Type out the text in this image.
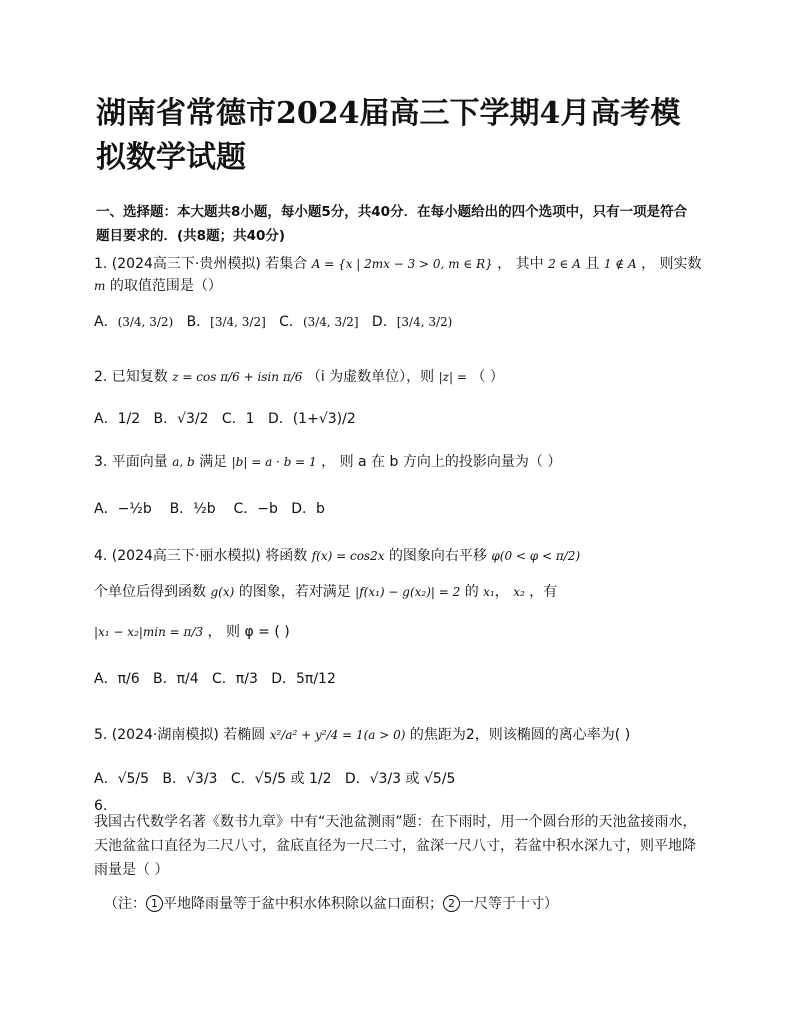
湖南省常德市2024届高三下学期4月高考模拟数学试题
一、选择题：本大题共8小题，每小题5分，共40分．在每小题给出的四个选项中，只有一项是符合题目要求的．(共8题；共40分)
1. (2024高三下·贵州模拟) 若集合 A = {x | 2mx − 3 > 0, m ∈ R} ， 其中 2 ∈ A 且 1 ∉ A ， 则实数
m 的取值范围是（）
A．(3/4, 3/2) B．[3/4, 3/2] C．(3/4, 3/2] D．[3/4, 3/2)
2. 已知复数 z = cos π/6 + isin π/6 （i 为虚数单位），则 |z| = （ ）
A．1/2 B．√3/2 C．1 D．(1+√3)/2
3. 平面向量 a, b 满足 |b| = a · b = 1 ， 则 a 在 b 方向上的投影向量为（ ）
A．−½b B．½b C．−b D．b
4. (2024高三下·丽水模拟) 将函数 f(x) = cos2x 的图象向右平移 φ(0 < φ < π/2)
个单位后得到函数 g(x) 的图象，若对满足 |f(x₁) − g(x₂)| = 2 的 x₁， x₂ ，有
|x₁ − x₂|min = π/3 ， 则 φ = ( )
A．π/6 B．π/4 C．π/3 D．5π/12
5. (2024·湖南模拟) 若椭圆 x²/a² + y²/4 = 1(a > 0) 的焦距为2，则该椭圆的离心率为( )
A．√5/5 B．√3/3 C．√5/5 或 1/2 D．√3/3 或 √5/5
6.
我国古代数学名著《数书九章》中有“天池盆测雨”题：在下雨时，用一个圆台形的天池盆接雨水，天池盆盆口直径为二尺八寸，盆底直径为一尺二寸，盆深一尺八寸，若盆中积水深九寸，则平地降雨量是（ ）
（注： 1 平地降雨量等于盆中积水体积除以盆口面积； 2 一尺等于十寸）
